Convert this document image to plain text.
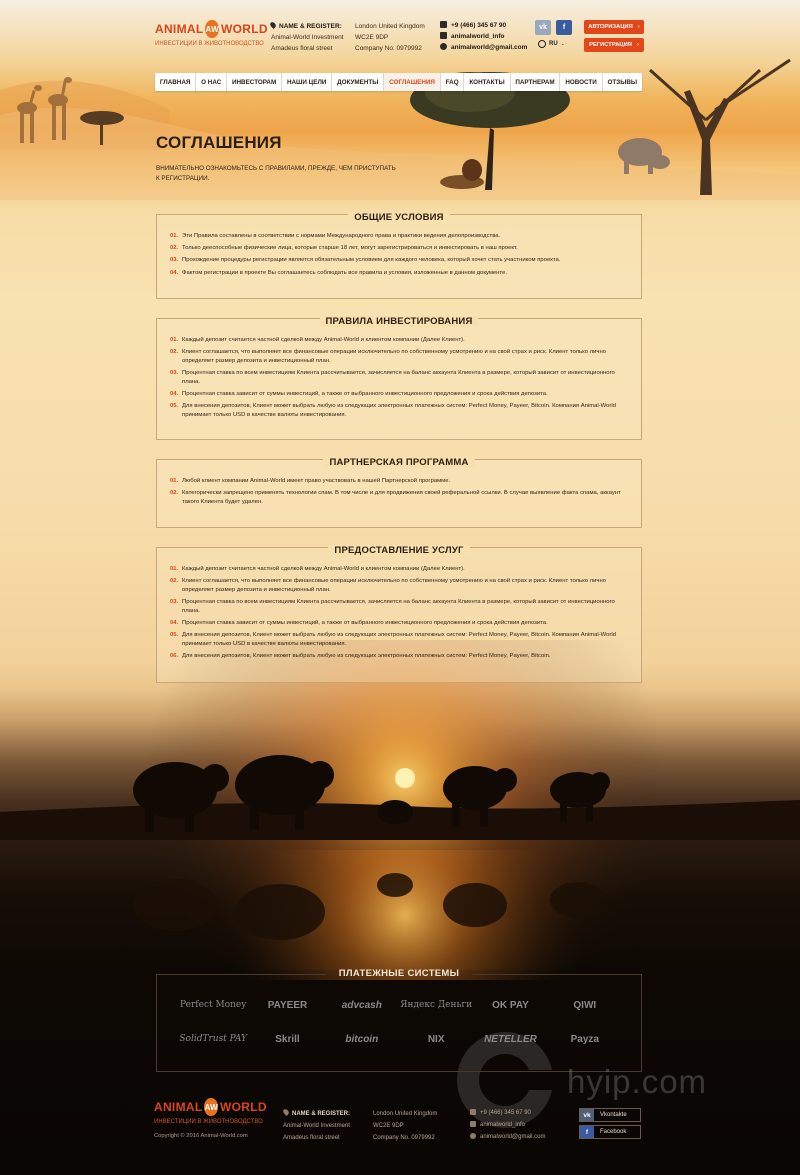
ANIMAL AW WORLD
ИНВЕСТИЦИИ В ЖИВОТНОВОДСТВО
NAME & REGISTER:
Animal-World Investment
Amadeus floral street
London United Kingdom
WC2E 9DP
Company No. 0979992
+9 (466) 345 67 90
animalworld_info
animalworld@gmail.com
vk	f
RU ⌄
АВТОРИЗАЦИЯ ›
РЕГИСТРАЦИЯ ›
ГЛАВНАЯ	О НАС	ИНВЕСТОРАМ	НАШИ ЦЕЛИ	ДОКУМЕНТЫ	СОГЛАШЕНИЯ	FAQ	КОНТАКТЫ	ПАРТНЕРАМ	НОВОСТИ	ОТЗЫВЫ
СОГЛАШЕНИЯ
ВНИМАТЕЛЬНО ОЗНАКОМЬТЕСЬ С ПРАВИЛАМИ, ПРЕЖДЕ, ЧЕМ ПРИСТУПАТЬ К РЕГИСТРАЦИИ.
ОБЩИЕ УСЛОВИЯ
01. Эти Правила составлены в соответствии с нормами Международного права и практики ведения делопроизводства.
02. Только дееспособные физические лица, которые старше 18 лет, могут зарегистрироваться и инвестировать в наш проект.
03. Прохождение процедуры регистрации является обязательным условием для каждого человека, который хочет стать участником проекта.
04. Фактом регистрации в проекте Вы соглашаетесь соблюдать все правила и условия, изложенные в данном документе.
ПРАВИЛА ИНВЕСТИРОВАНИЯ
01. Каждый депозит считается частной сделкой между Animal-World и клиентом компании (Далее Клиент).
02. Клиент соглашается, что выполняет все финансовые операции исключительно по собственному усмотрению и на свой страх и риск. Клиент только лично определяет размер депозита и инвестиционный план.
03. Процентная ставка по всем инвестициям Клиента рассчитывается, зачисляется на баланс аккаунта Клиента в размере, который зависит от инвестиционного плана.
04. Процентная ставка зависит от суммы инвестиций, а также от выбранного инвестиционного предложения и срока действия депозита.
05. Для внесения депозитов, Клиент может выбрать любую из следующих электронных платежных систем: Perfect Money, Payeer, Bitcoin. Компания Animal-World принимает только USD в качестве валюты инвестирования.
ПАРТНЕРСКАЯ ПРОГРАММА
01. Любой клиент компании Animal-World имеет право участвовать в нашей Партнерской программе.
02. Категорически запрещено применять технологии спам. В том числе и для продвижения своей реферальной ссылки. В случае выявление факта спама, аккаунт такого Клиента будет удален.
ПРЕДОСТАВЛЕНИЕ УСЛУГ
01. Каждый депозит считается частной сделкой между Animal-World и клиентом компании (Далее Клиент).
02. Клиент соглашается, что выполняет все финансовые операции исключительно по собственному усмотрению и на свой страх и риск. Клиент только лично определяет размер депозита и инвестиционный план.
03. Процентная ставка по всем инвестициям Клиента рассчитывается, зачисляется на баланс аккаунта Клиента в размере, который зависит от инвестиционного плана.
04. Процентная ставка зависит от суммы инвестиций, а также от выбранного инвестиционного предложения и срока действия депозита.
05. Для внесения депозитов, Клиент может выбрать любую из следующих электронных платежных систем: Perfect Money, Payeer, Bitcoin. Компания Animal-World принимает только USD в качестве валюты инвестирования.
06. Для внесения депозитов, Клиент может выбрать любую из следующих электронных платежных систем: Perfect Money, Payeer, Bitcoin.
ПЛАТЕЖНЫЕ СИСТЕМЫ
Perfect Money	PAYEER	advcash	Яндекс Деньги	OK PAY	QIWI
SolidTrust PAY	Skrill	bitcoin	NIX	NETELLER	Payza
hyip.com
ANIMAL AW WORLD
ИНВЕСТИЦИИ В ЖИВОТНОВОДСТВО
Copyright © 2016 Animal-World.com
NAME & REGISTER:
Animal-World Investment
Amadeus floral street
London United Kingdom
WC2E 9DP
Company No. 0979992
+9 (466) 345 67 90
animalworld_info
animalworld@gmail.com
vk	Vkontakte
f	Facebook
